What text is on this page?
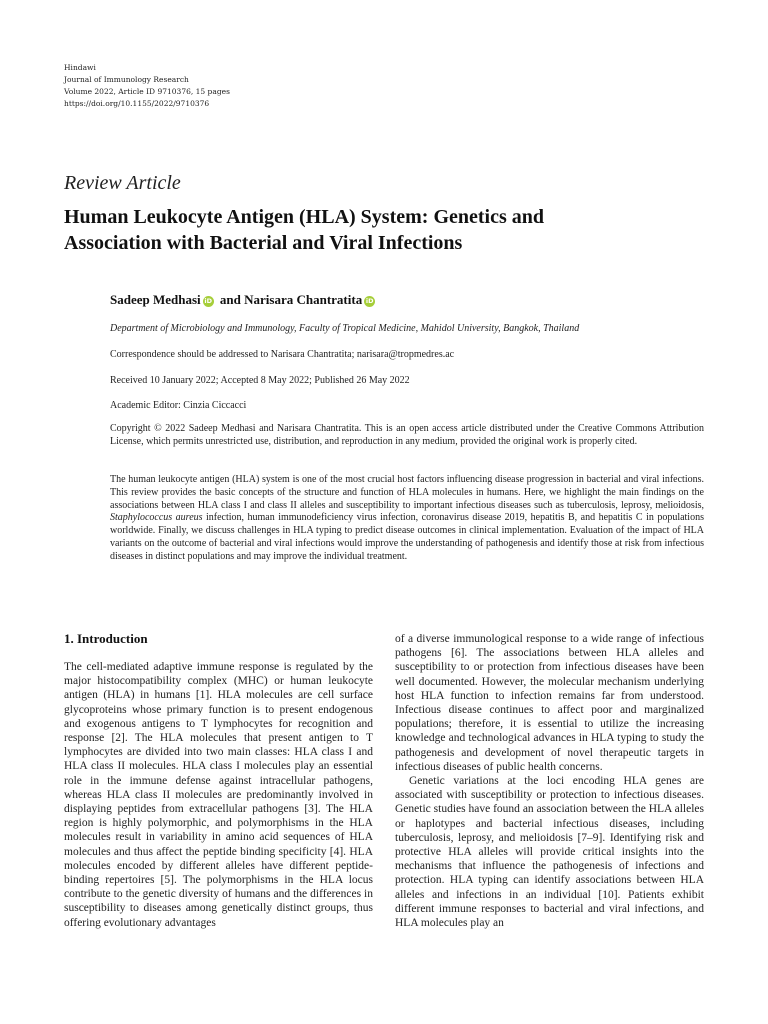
Hindawi
Journal of Immunology Research
Volume 2022, Article ID 9710376, 15 pages
https://doi.org/10.1155/2022/9710376
Review Article
Human Leukocyte Antigen (HLA) System: Genetics and
Association with Bacterial and Viral Infections
Sadeep Medhasi iD and Narisara Chantratita iD
Department of Microbiology and Immunology, Faculty of Tropical Medicine, Mahidol University, Bangkok, Thailand
Correspondence should be addressed to Narisara Chantratita; narisara@tropmedres.ac
Received 10 January 2022; Accepted 8 May 2022; Published 26 May 2022
Academic Editor: Cinzia Ciccacci
Copyright © 2022 Sadeep Medhasi and Narisara Chantratita. This is an open access article distributed under the Creative Commons Attribution License, which permits unrestricted use, distribution, and reproduction in any medium, provided the original work is properly cited.
The human leukocyte antigen (HLA) system is one of the most crucial host factors influencing disease progression in bacterial and viral infections. This review provides the basic concepts of the structure and function of HLA molecules in humans. Here, we highlight the main findings on the associations between HLA class I and class II alleles and susceptibility to important infectious diseases such as tuberculosis, leprosy, melioidosis, Staphylococcus aureus infection, human immunodeficiency virus infection, coronavirus disease 2019, hepatitis B, and hepatitis C in populations worldwide. Finally, we discuss challenges in HLA typing to predict disease outcomes in clinical implementation. Evaluation of the impact of HLA variants on the outcome of bacterial and viral infections would improve the understanding of pathogenesis and identify those at risk from infectious diseases in distinct populations and may improve the individual treatment.
1. Introduction

The cell-mediated adaptive immune response is regulated by the major histocompatibility complex (MHC) or human leukocyte antigen (HLA) in humans [1]. HLA molecules are cell surface glycoproteins whose primary function is to present endogenous and exogenous antigens to T lymphocytes for recognition and response [2]. The HLA molecules that present antigen to T lymphocytes are divided into two main classes: HLA class I and HLA class II molecules. HLA class I molecules play an essential role in the immune defense against intracellular pathogens, whereas HLA class II molecules are predominantly involved in displaying peptides from extracellular pathogens [3]. The HLA region is highly polymorphic, and polymorphisms in the HLA molecules result in variability in amino acid sequences of HLA molecules and thus affect the peptide binding specificity [4]. HLA molecules encoded by different alleles have different peptide-binding repertoires [5]. The polymorphisms in the HLA locus contribute to the genetic diversity of humans and the differences in susceptibility to diseases among genetically distinct groups, thus offering evolutionary advantages

of a diverse immunological response to a wide range of infectious pathogens [6]. The associations between HLA alleles and susceptibility to or protection from infectious diseases have been well documented. However, the molecular mechanism underlying host HLA function to infection remains far from understood. Infectious disease continues to affect poor and marginalized populations; therefore, it is essential to utilize the increasing knowledge and technological advances in HLA typing to study the pathogenesis and development of novel therapeutic targets in infectious diseases of public health concerns.

Genetic variations at the loci encoding HLA genes are associated with susceptibility or protection to infectious diseases. Genetic studies have found an association between the HLA alleles or haplotypes and bacterial infectious diseases, including tuberculosis, leprosy, and melioidosis [7–9]. Identifying risk and protective HLA alleles will provide critical insights into the mechanisms that influence the pathogenesis of infections and protection. HLA typing can identify associations between HLA alleles and infections in an individual [10]. Patients exhibit different immune responses to bacterial and viral infections, and HLA molecules play an
